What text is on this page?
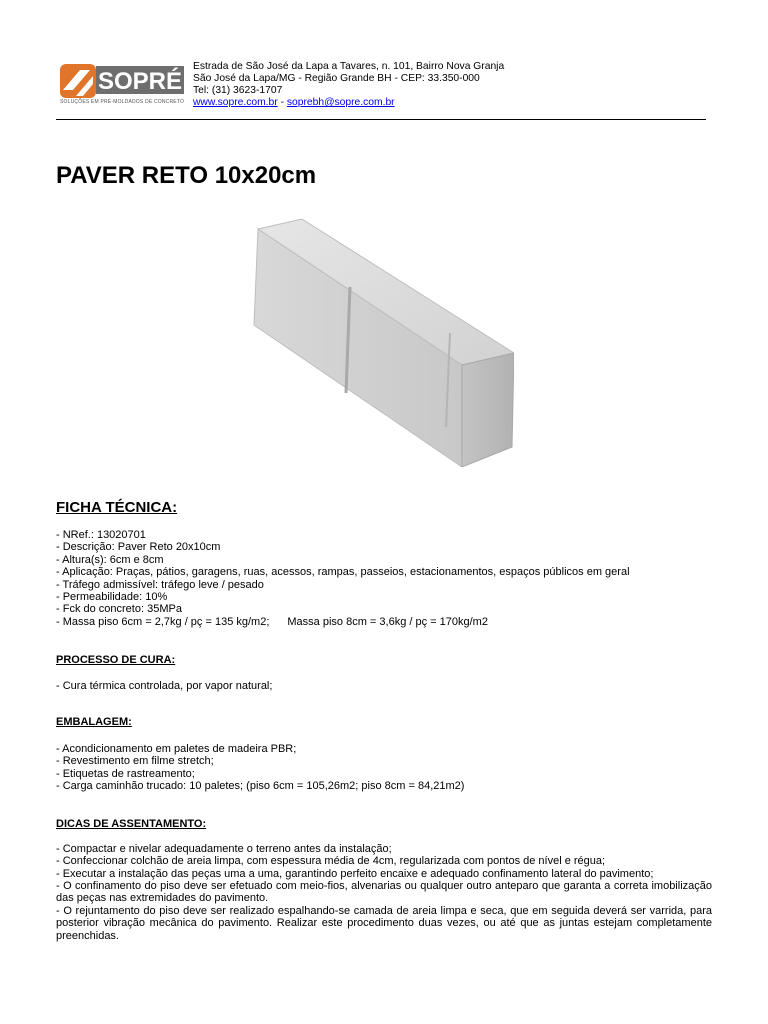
SOPRÉ
SOLUÇÕES EM PRÉ-MOLDADOS DE CONCRETO
Estrada de São José da Lapa a Tavares, n. 101, Bairro Nova Granja
São José da Lapa/MG - Região Grande BH - CEP: 33.350-000
Tel: (31) 3623-1707
www.sopre.com.br - soprebh@sopre.com.br
PAVER RETO 10x20cm
FICHA TÉCNICA:
- NRef.: 13020701
- Descrição: Paver Reto 20x10cm
- Altura(s): 6cm e 8cm
- Aplicação: Praças, pátios, garagens, ruas, acessos, rampas, passeios, estacionamentos, espaços públicos em geral
- Tráfego admissível: tráfego leve / pesado
- Permeabilidade: 10%
- Fck do concreto: 35MPa
- Massa piso 6cm = 2,7kg / pç = 135 kg/m2; Massa piso 8cm = 3,6kg / pç = 170kg/m2
PROCESSO DE CURA:
- Cura térmica controlada, por vapor natural;
EMBALAGEM:
- Acondicionamento em paletes de madeira PBR;
- Revestimento em filme stretch;
- Etiquetas de rastreamento;
- Carga caminhão trucado: 10 paletes; (piso 6cm = 105,26m2; piso 8cm = 84,21m2)
DICAS DE ASSENTAMENTO:
- Compactar e nivelar adequadamente o terreno antes da instalação;
- Confeccionar colchão de areia limpa, com espessura média de 4cm, regularizada com pontos de nível e régua;
- Executar a instalação das peças uma a uma, garantindo perfeito encaixe e adequado confinamento lateral do pavimento;
- O confinamento do piso deve ser efetuado com meio-fios, alvenarias ou qualquer outro anteparo que garanta a correta imobilização das peças nas extremidades do pavimento.
- O rejuntamento do piso deve ser realizado espalhando-se camada de areia limpa e seca, que em seguida deverá ser varrida, para posterior vibração mecânica do pavimento. Realizar este procedimento duas vezes, ou até que as juntas estejam completamente preenchidas.
